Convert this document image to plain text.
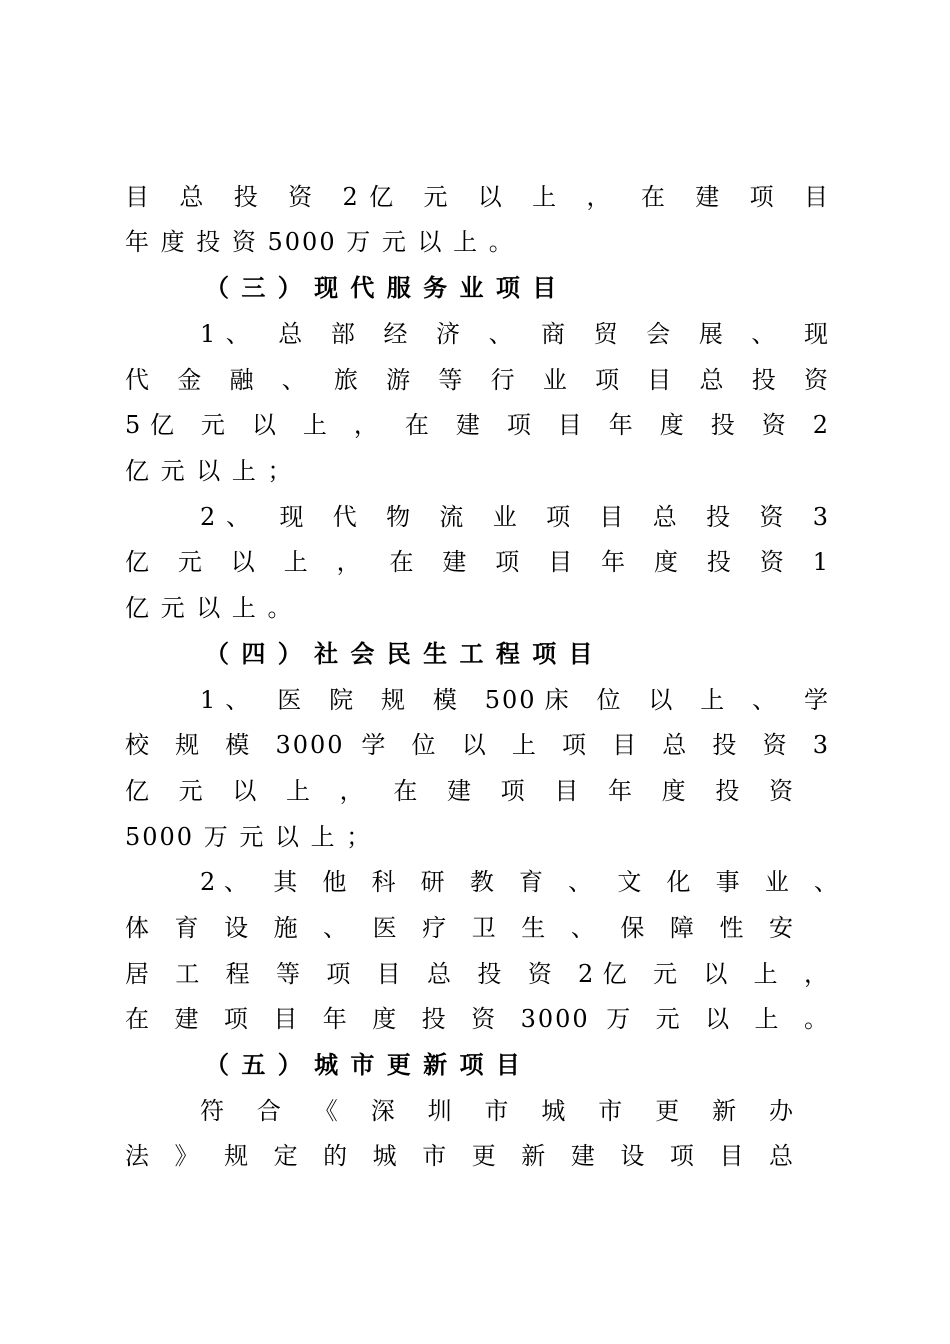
目 总 投 资 2亿 元 以 上 ， 在 建 项 目
年 度 投 资 5000 万 元 以 上 。
（ 三 ） 现 代 服 务 业 项 目
1、 总 部 经 济 、 商 贸 会 展 、 现
代 金 融 、 旅 游 等 行 业 项 目 总 投 资
5亿 元 以 上 ， 在 建 项 目 年 度 投 资 2
亿 元 以 上 ；
2、 现 代 物 流 业 项 目 总 投 资 3
亿 元 以 上 ， 在 建 项 目 年 度 投 资 1
亿 元 以 上 。
（ 四 ） 社 会 民 生 工 程 项 目
1、 医 院 规 模 500床 位 以 上 、 学
校 规 模 3000 学 位 以 上 项 目 总 投 资 3
亿 元 以 上 ， 在 建 项 目 年 度 投 资
5000 万 元 以 上 ；
2、 其 他 科 研 教 育 、 文 化 事 业 、
体 育 设 施 、 医 疗 卫 生 、 保 障 性 安
居 工 程 等 项 目 总 投 资 2亿 元 以 上 ，
在 建 项 目 年 度 投 资 3000 万 元 以 上 。
（ 五 ） 城 市 更 新 项 目
符 合 《 深 圳 市 城 市 更 新 办
法 》 规 定 的 城 市 更 新 建 设 项 目 总
